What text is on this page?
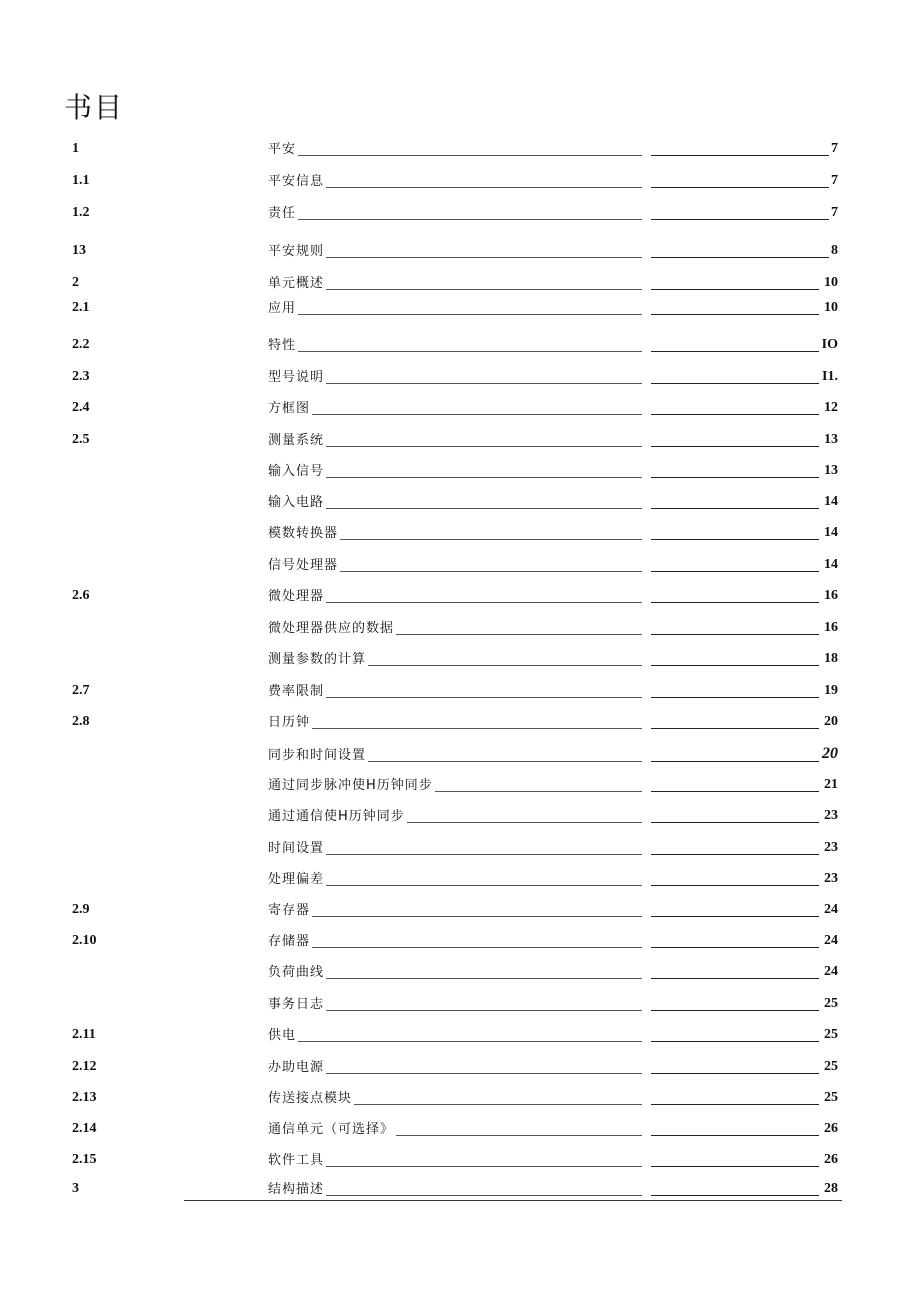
书目
1	平安	7
1.1	平安信息	7
1.2	责任	7
13	平安规则	8
2	单元概述	10
2.1	应用	10
2.2	特性	IO
2.3	型号说明	I1.
2.4	方框图	12
2.5	测量系统	13
输入信号	13
输入电路	14
模数转换器	14
信号处理器	14
2.6	微处理器	16
微处理器供应的数据	16
测量参数的计算	18
2.7	费率限制	19
2.8	日历钟	20
同步和时间设置	20
通过同步脉冲使H历钟同步	21
通过通信使H历钟同步	23
时间设置	23
处理偏差	23
2.9	寄存器	24
2.10	存储器	24
负荷曲线	24
事务日志	25
2.11	供电	25
2.12	办助电源	25
2.13	传送接点模块	25
2.14	通信单元（可选择》	26
2.15	软件工具	26
3	结构描述	28
